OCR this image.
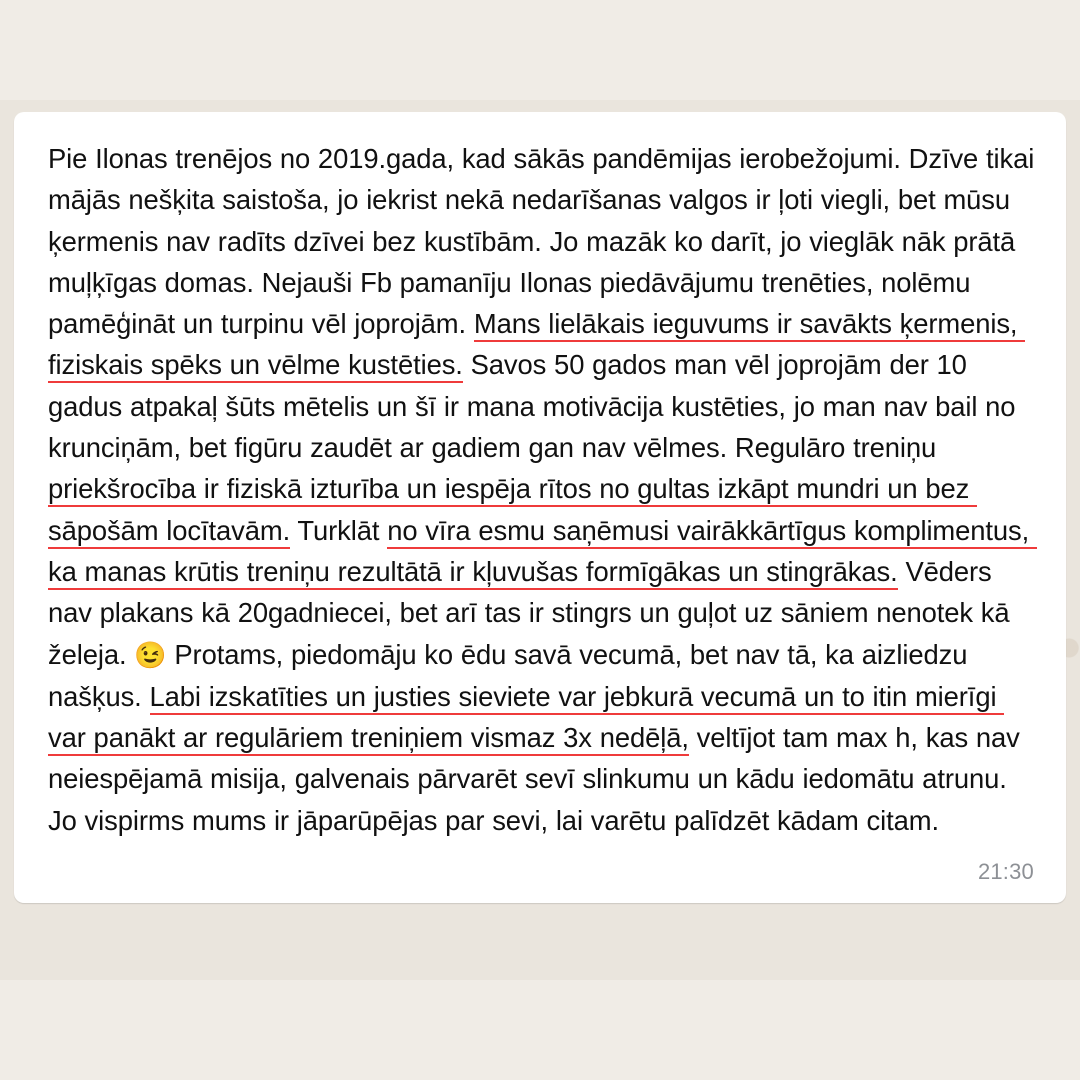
Pie Ilonas trenējos no 2019.gada, kad sākās pandēmijas ierobežojumi. Dzīve tikai mājās nešķita saistoša, jo iekrist nekā nedarīšanas valgos ir ļoti viegli, bet mūsu ķermenis nav radīts dzīvei bez kustībām. Jo mazāk ko darīt, jo vieglāk nāk prātā muļķīgas domas. Nejauši Fb pamanīju Ilonas piedāvājumu trenēties, nolēmu pamēģināt un turpinu vēl joprojām. Mans lielākais ieguvums ir savākts ķermenis, fiziskais spēks un vēlme kustēties. Savos 50 gados man vēl joprojām der 10 gadus atpakaļ šūts mētelis un šī ir mana motivācija kustēties, jo man nav bail no krunciņām, bet figūru zaudēt ar gadiem gan nav vēlmes. Regulāro treniņu priekšrocība ir fiziskā izturība un iespēja rītos no gultas izkāpt mundri un bez sāpošām locītavām. Turklāt no vīra esmu saņēmusi vairākkārtīgus komplimentus, ka manas krūtis treniņu rezultātā ir kļuvušas formīgākas un stingrākas. Vēders nav plakans kā 20gadniecei, bet arī tas ir stingrs un guļot uz sāniem nenotek kā želeja. 😉 Protams, piedomāju ko ēdu savā vecumā, bet nav tā, ka aizliedzu našķus. Labi izskatīties un justies sieviete var jebkurā vecumā un to itin mierīgi var panākt ar regulāriem treniņiem vismaz 3x nedēļā, veltījot tam max h, kas nav neiespējamā misija, galvenais pārvarēt sevī slinkumu un kādu iedomātu atrunu. Jo vispirms mums ir jāparūpējas par sevi, lai varētu palīdzēt kādam citam.
21:30
